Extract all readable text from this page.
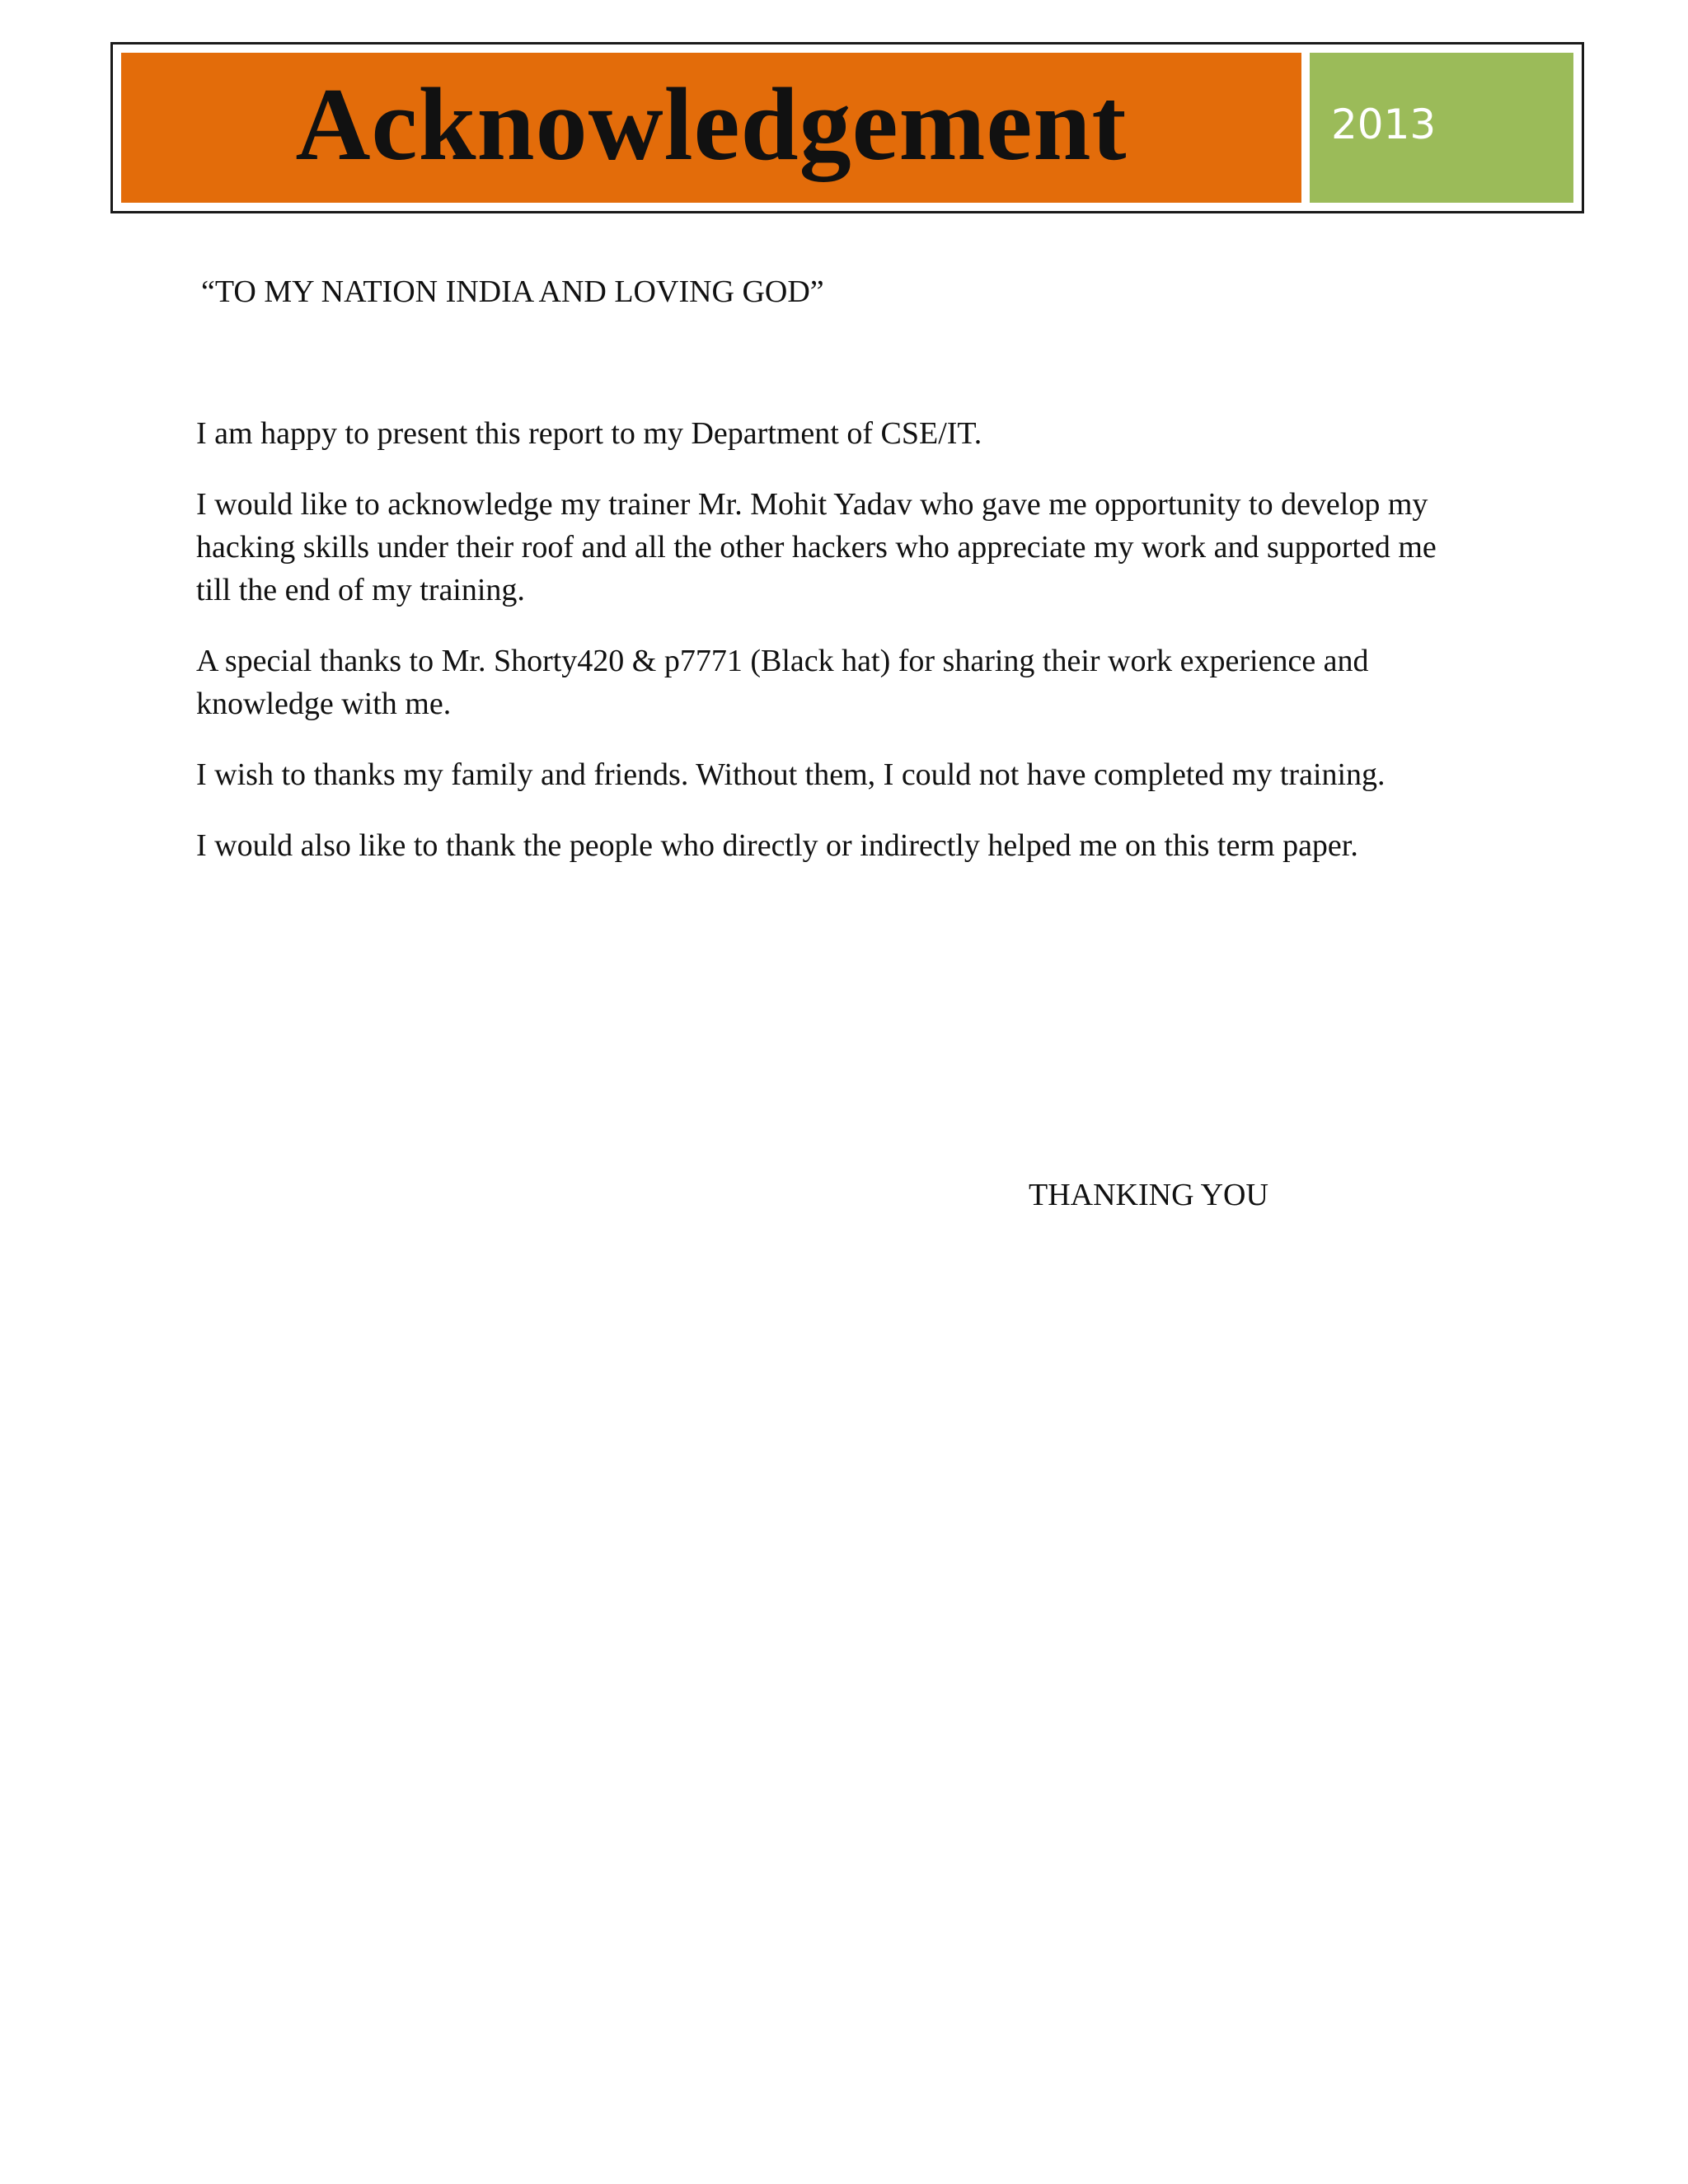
Acknowledgement	2013

“TO MY NATION INDIA AND LOVING GOD”

I am happy to present this report to my Department of CSE/IT.

I would like to acknowledge my trainer Mr. Mohit Yadav who gave me opportunity to develop my hacking skills under their roof and all the other hackers who appreciate my work and supported me till the end of my training.

A special thanks to Mr. Shorty420 & p7771 (Black hat) for sharing their work experience and knowledge with me.

I wish to thanks my family and friends. Without them, I could not have completed my training.

I would also like to thank the people who directly or indirectly helped me on this term paper.

THANKING YOU
